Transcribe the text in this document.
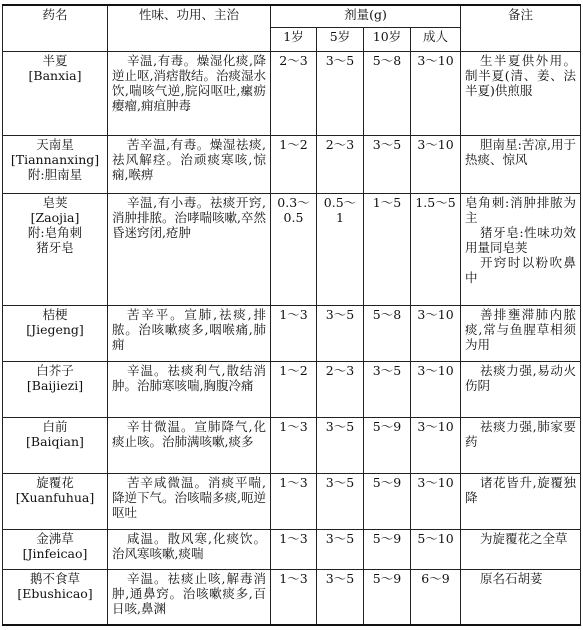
药名	性味、功用、主治	剂量(g)				备注
		1岁	5岁	10岁	成人	
半夏
[Banxia]	辛温,有毒。燥湿化痰,降逆止呕,消痞散结。治痰湿水饮,喘咳气逆,脘闷呕吐,瘰疬瘿瘤,痈疽肿毒	2～3	3～5	5～8	3～10	生半夏供外用。制半夏(清、姜、法半夏)供煎服

天南星
[Tiannanxing]
附:胆南星	苦辛温,有毒。燥湿祛痰,祛风解痉。治顽痰寒咳,惊痫,喉痹	1～2	2～3	3～5	3～10	胆南星:苦凉,用于热痰、惊风

皂荚
[Zaojia]
附:皂角刺
猪牙皂	辛温,有小毒。祛痰开窍,消肿排脓。治哮喘咳嗽,卒然昏迷窍闭,疮肿	0.3～0.5	0.5～1	1～5	1.5～5	皂角刺:消肿排脓为主
猪牙皂:性味功效用量同皂荚
开窍时以粉吹鼻中

桔梗
[Jiegeng]	苦辛平。宣肺,祛痰,排脓。治咳嗽痰多,咽喉痛,肺痈	1～3	3～5	5～8	3～10	善排壅滞肺内脓痰,常与鱼腥草相须为用

白芥子
[Baijiezi]	辛温。祛痰利气,散结消肿。治肺寒咳喘,胸腹冷痛	1～2	2～3	3～5	3～10	祛痰力强,易动火伤阴

白前
[Baiqian]	辛甘微温。宣肺降气,化痰止咳。治肺满咳嗽,痰多	1～3	3～5	5～9	3～10	祛痰力强,肺家要药

旋覆花
[Xuanfuhua]	苦辛咸微温。消痰平喘,降逆下气。治咳喘多痰,呃逆呕吐	1～3	3～5	5～9	3～10	诸花皆升,旋覆独降

金沸草
[Jinfeicao]	咸温。散风寒,化痰饮。治风寒咳嗽,痰喘	1～3	3～5	5～9	5～10	为旋覆花之全草

鹅不食草
[Ebushicao]	辛温。祛痰止咳,解毒消肿,通鼻窍。治咳嗽痰多,百日咳,鼻渊	1～3	3～5	5～9	6～9	原名石胡荽
